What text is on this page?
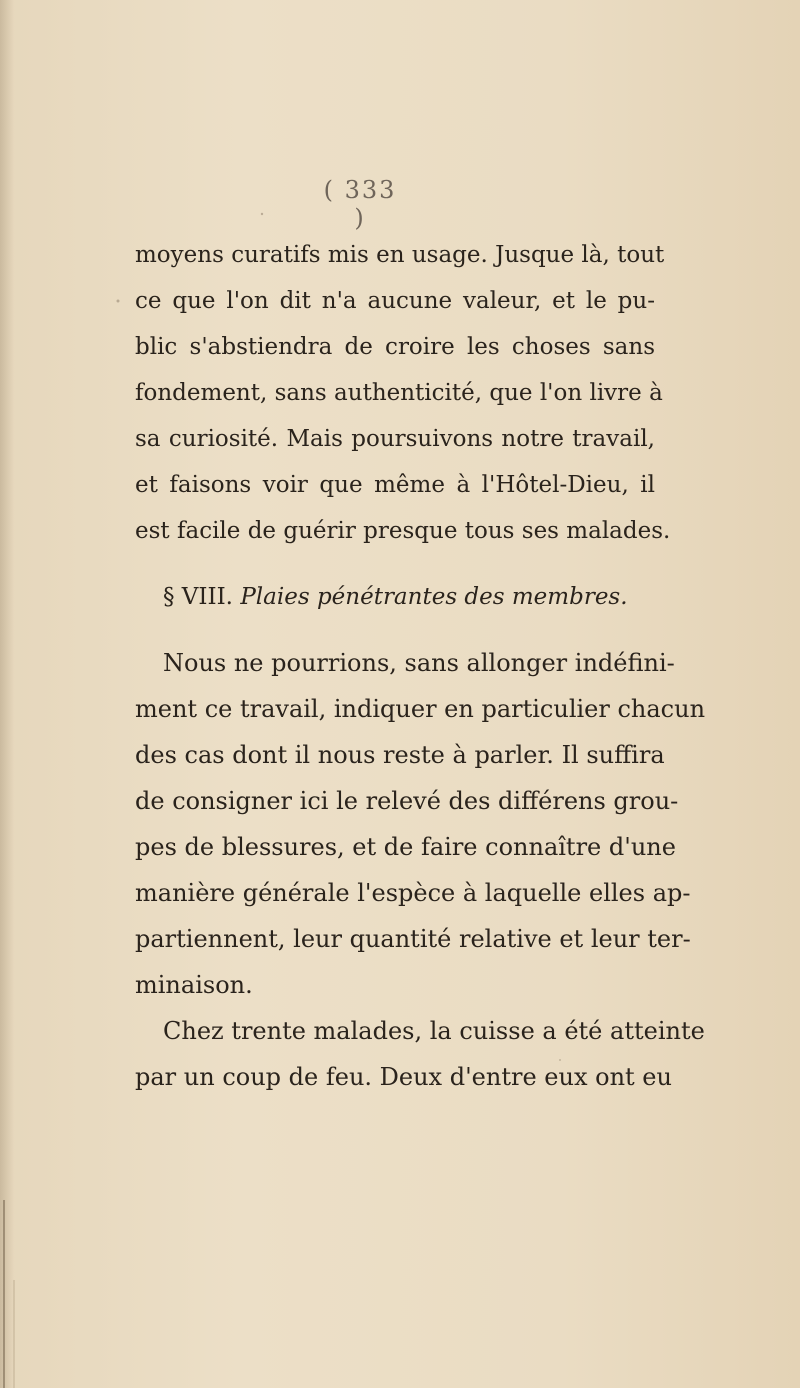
( 333 )
moyens curatifs mis en usage. Jusque là, tout
ce que l'on dit n'a aucune valeur, et le pu-
blic s'abstiendra de croire les choses sans
fondement, sans authenticité, que l'on livre à
sa curiosité. Mais poursuivons notre travail,
et faisons voir que même à l'Hôtel-Dieu, il
est facile de guérir presque tous ses malades.
§ VIII. Plaies pénétrantes des membres.
Nous ne pourrions, sans allonger indéfini-
ment ce travail, indiquer en particulier chacun
des cas dont il nous reste à parler. Il suffira
de consigner ici le relevé des différens grou-
pes de blessures, et de faire connaître d'une
manière générale l'espèce à laquelle elles ap-
partiennent, leur quantité relative et leur ter-
minaison.
Chez trente malades, la cuisse a été atteinte
par un coup de feu. Deux d'entre eux ont eu
